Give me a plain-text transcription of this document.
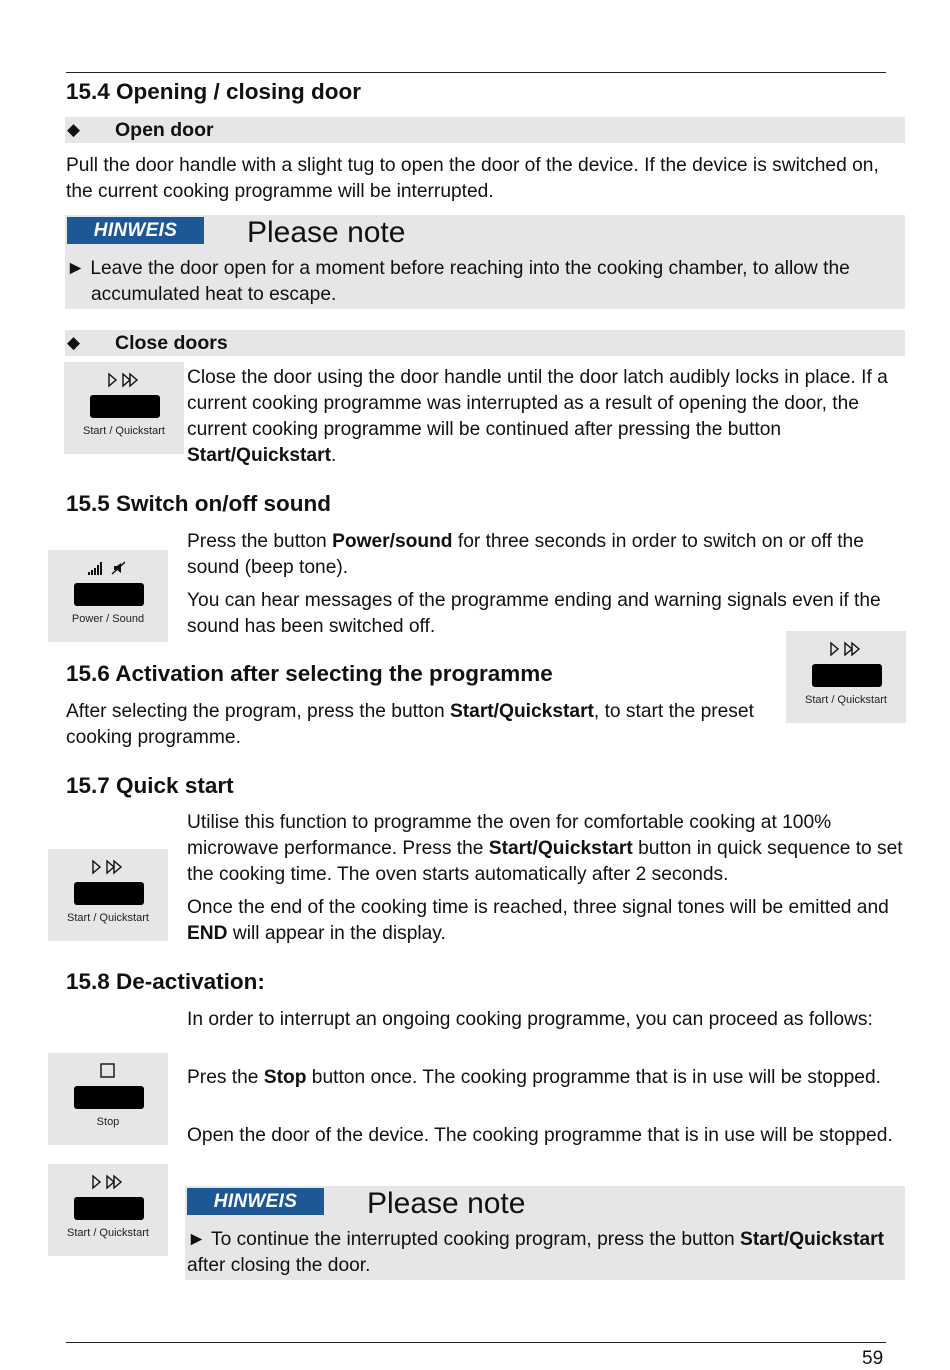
15.4 Opening / closing door
◆ Open door
Pull the door handle with a slight tug to open the door of the device. If the device is switched on, the current cooking programme will be interrupted.
HINWEIS	Please note
► Leave the door open for a moment before reaching into the cooking chamber, to allow the accumulated heat to escape.
◆ Close doors
Start / Quickstart
Close the door using the door handle until the door latch audibly locks in place. If a current cooking programme was interrupted as a result of opening the door, the current cooking programme will be continued after pressing the button Start/Quickstart.
15.5 Switch on/off sound
Power / Sound
Press the button Power/sound for three seconds in order to switch on or off the sound (beep tone).
You can hear messages of the programme ending and warning signals even if the sound has been switched off.
15.6 Activation after selecting the programme
Start / Quickstart
After selecting the program, press the button Start/Quickstart, to start the preset cooking programme.
15.7 Quick start
Start / Quickstart
Utilise this function to programme the oven for comfortable cooking at 100% microwave performance. Press the Start/Quickstart button in quick sequence to set the cooking time. The oven starts automatically after 2 seconds.
Once the end of the cooking time is reached, three signal tones will be emitted and END will appear in the display.
15.8 De-activation:
In order to interrupt an ongoing cooking programme, you can proceed as follows:
Stop
Pres the Stop button once. The cooking programme that is in use will be stopped.
Open the door of the device. The cooking programme that is in use will be stopped.
Start / Quickstart
HINWEIS	Please note
► To continue the interrupted cooking program, press the button Start/Quickstart after closing the door.
59
